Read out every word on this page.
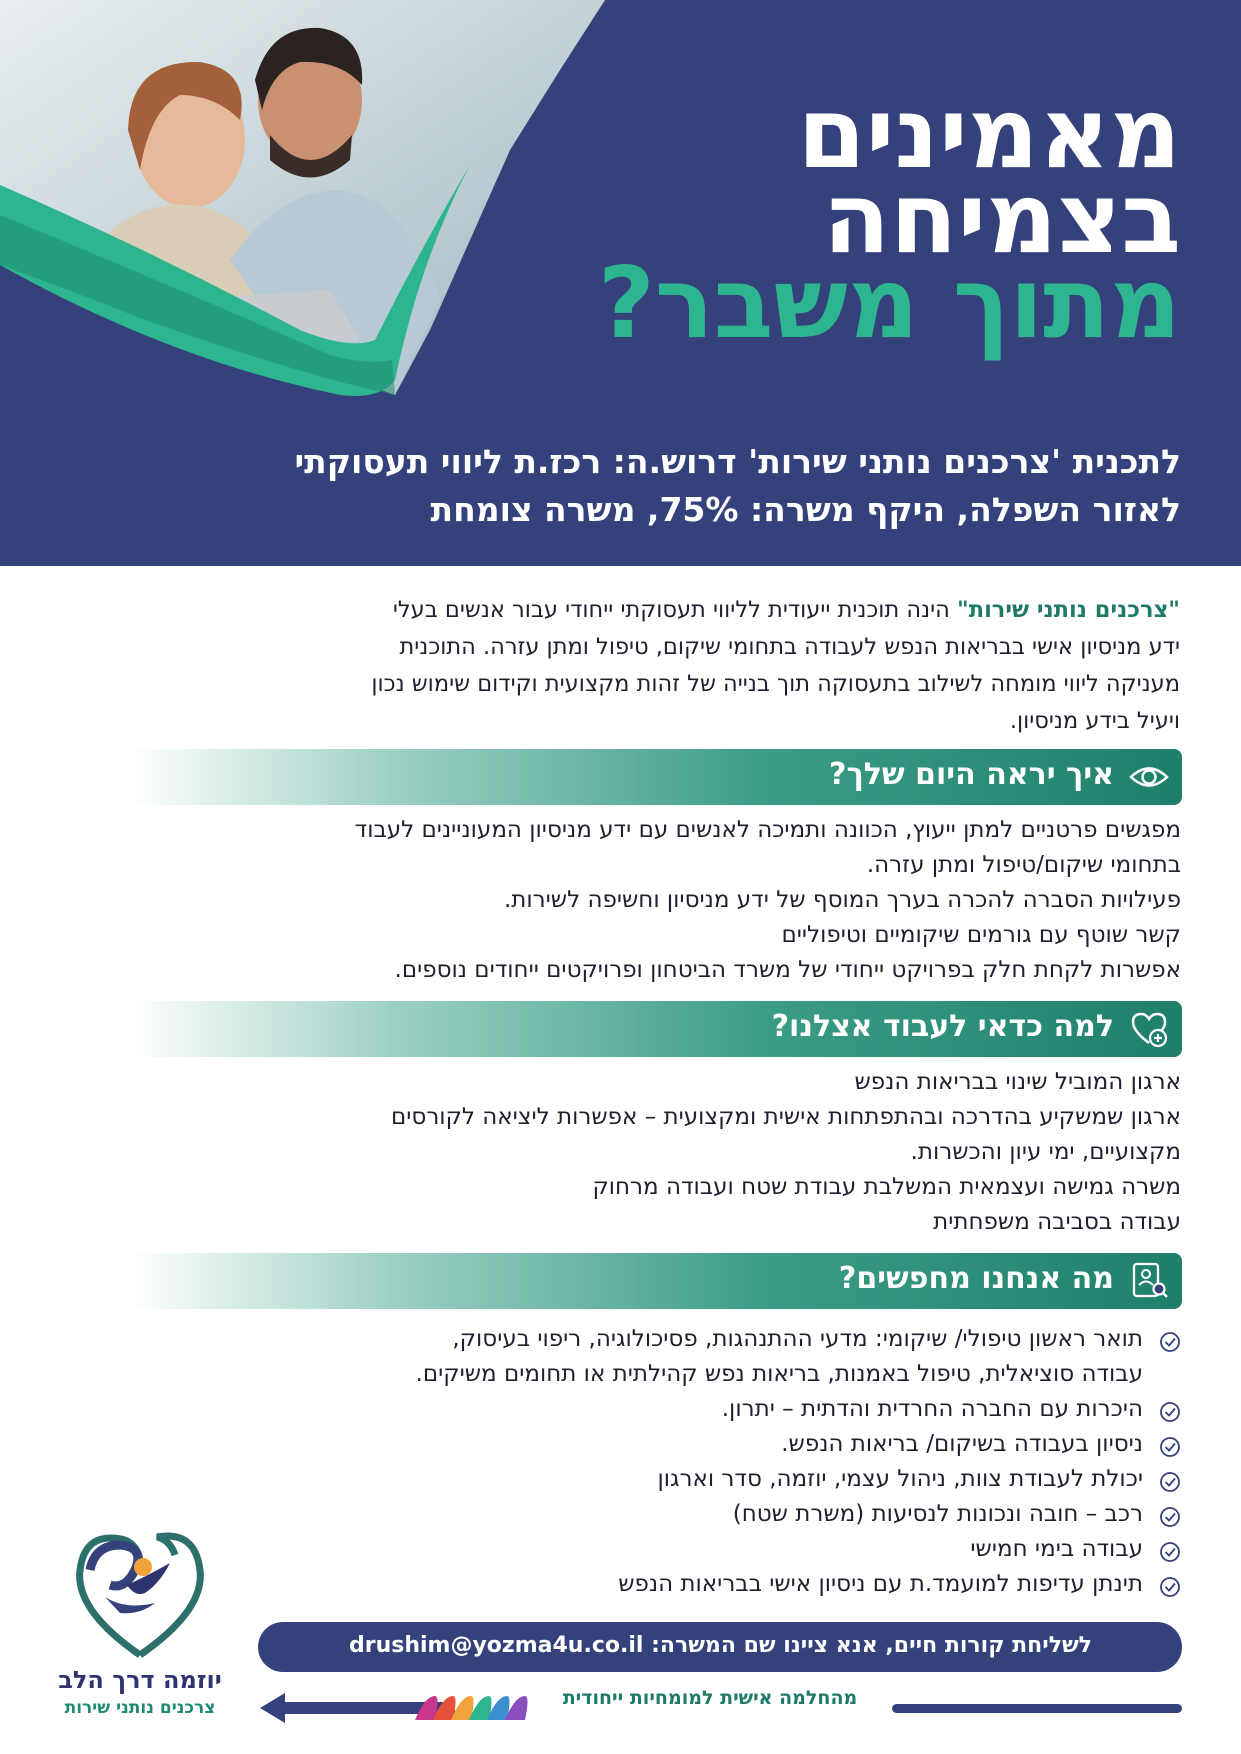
מאמינים
בצמיחה
מתוך משבר?
לתכנית 'צרכנים נותני שירות' דרוש.ה: רכז.ת ליווי תעסוקתי
לאזור השפלה, היקף משרה: 75%, משרה צומחת
"צרכנים נותני שירות" הינה תוכנית ייעודית לליווי תעסוקתי ייחודי עבור אנשים בעלי
ידע מניסיון אישי בבריאות הנפש לעבודה בתחומי שיקום, טיפול ומתן עזרה. התוכנית
מעניקה ליווי מומחה לשילוב בתעסוקה תוך בנייה של זהות מקצועית וקידום שימוש נכון
ויעיל בידע מניסיון.
איך יראה היום שלך?
מפגשים פרטניים למתן ייעוץ, הכוונה ותמיכה לאנשים עם ידע מניסיון המעוניינים לעבוד
בתחומי שיקום/טיפול ומתן עזרה.
פעילויות הסברה להכרה בערך המוסף של ידע מניסיון וחשיפה לשירות.
קשר שוטף עם גורמים שיקומיים וטיפוליים
אפשרות לקחת חלק בפרויקט ייחודי של משרד הביטחון ופרויקטים ייחודים נוספים.
למה כדאי לעבוד אצלנו?
ארגון המוביל שינוי בבריאות הנפש
ארגון שמשקיע בהדרכה ובהתפתחות אישית ומקצועית – אפשרות ליציאה לקורסים
מקצועיים, ימי עיון והכשרות.
משרה גמישה ועצמאית המשלבת עבודת שטח ועבודה מרחוק
עבודה בסביבה משפחתית
מה אנחנו מחפשים?
תואר ראשון טיפולי/ שיקומי: מדעי ההתנהגות, פסיכולוגיה, ריפוי בעיסוק,
עבודה סוציאלית, טיפול באמנות, בריאות נפש קהילתית או תחומים משיקים.
היכרות עם החברה החרדית והדתית – יתרון.
ניסיון בעבודה בשיקום/ בריאות הנפש.
יכולת לעבודת צוות, ניהול עצמי, יוזמה, סדר וארגון
רכב – חובה ונכונות לנסיעות (משרת שטח)
עבודה בימי חמישי
תינתן עדיפות למועמד.ת עם ניסיון אישי בבריאות הנפש
יוזמה דרך הלב
צרכנים נותני שירות
לשליחת קורות חיים, אנא ציינו שם המשרה: drushim@yozma4u.co.il
מהחלמה אישית למומחיות ייחודית
